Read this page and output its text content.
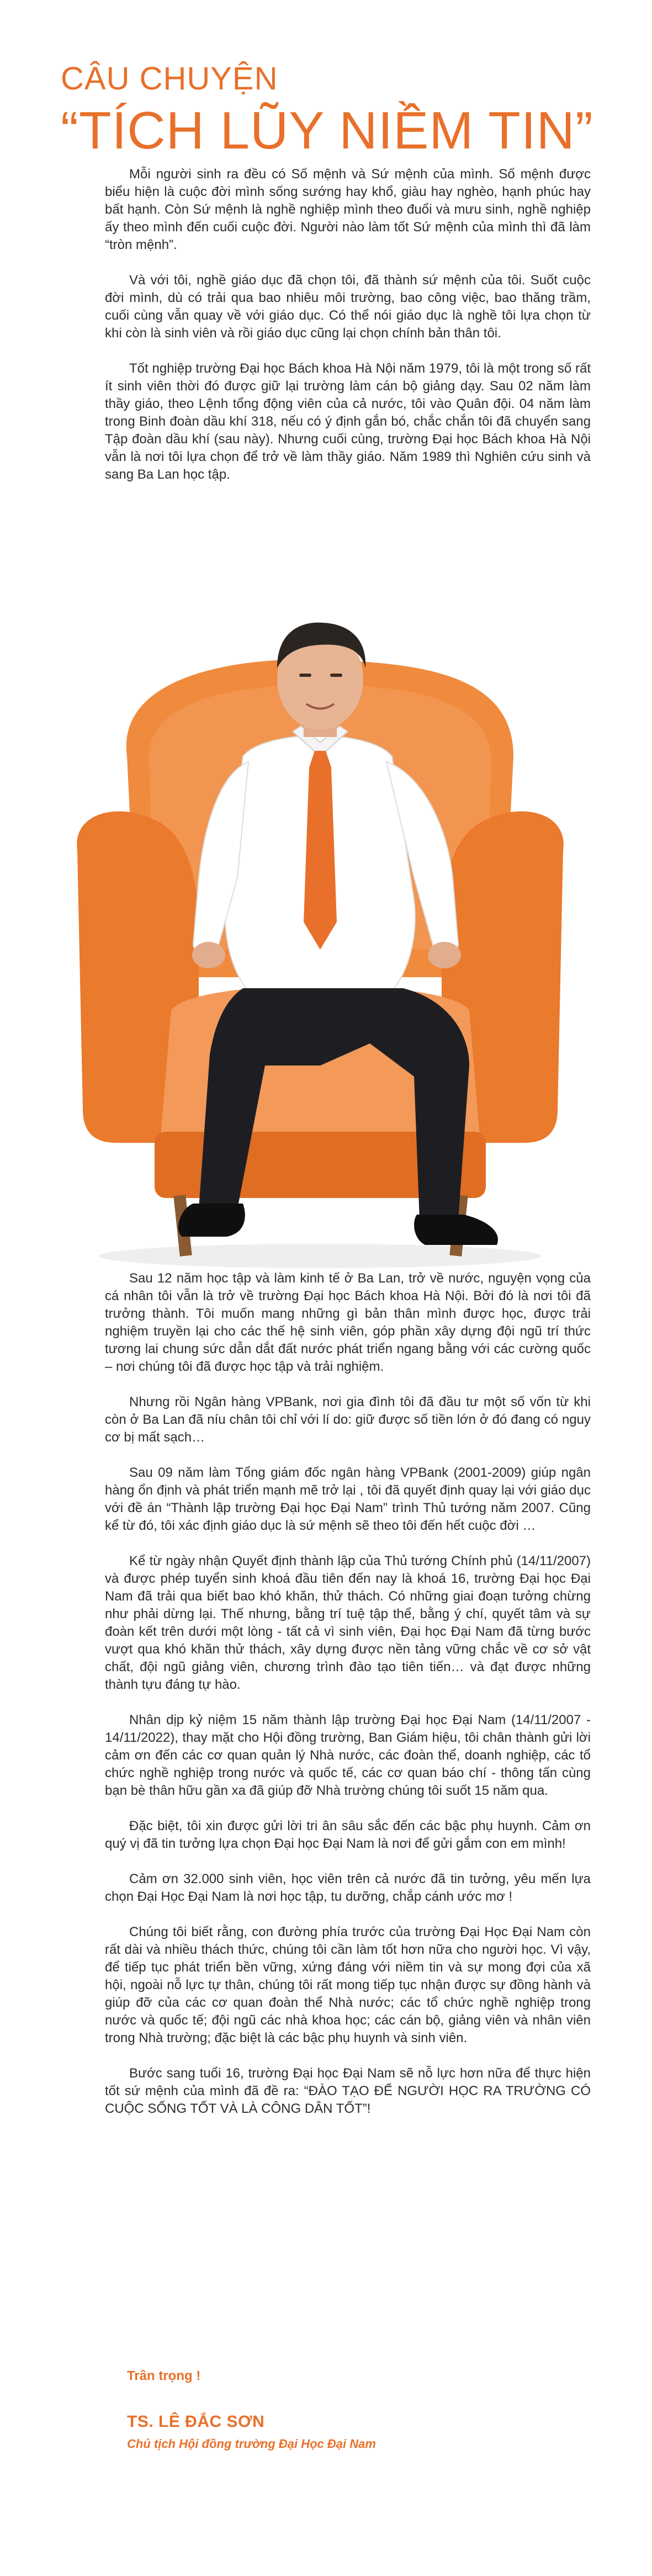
CÂU CHUYỆN

“TÍCH LŨY NIỀM TIN”

Mỗi người sinh ra đều có Số mệnh và Sứ mệnh của mình. Số mệnh được biểu hiện là cuộc đời mình sống sướng hay khổ, giàu hay nghèo, hạnh phúc hay bất hạnh. Còn Sứ mệnh là nghề nghiệp mình theo đuổi và mưu sinh, nghề nghiệp ấy theo mình đến cuối cuộc đời. Người nào làm tốt Sứ mệnh của mình thì đã làm “tròn mệnh”.

Và với tôi, nghề giáo dục đã chọn tôi, đã thành sứ mệnh của tôi. Suốt cuộc đời mình, dù có trải qua bao nhiêu môi trường, bao công việc, bao thăng trầm, cuối cùng vẫn quay về với giáo dục. Có thể nói giáo dục là nghề tôi lựa chọn từ khi còn là sinh viên và rồi giáo dục cũng lại chọn chính bản thân tôi.

Tốt nghiệp trường Đại học Bách khoa Hà Nội năm 1979, tôi là một trong số rất ít sinh viên thời đó được giữ lại trường làm cán bộ giảng dạy. Sau 02 năm làm thầy giáo, theo Lệnh tổng động viên của cả nước, tôi vào Quân đội. 04 năm làm trong Binh đoàn dầu khí 318, nếu có ý định gắn bó, chắc chắn tôi đã chuyển sang Tập đoàn dầu khí (sau này). Nhưng cuối cùng, trường Đại học Bách khoa Hà Nội vẫn là nơi tôi lựa chọn để trở về làm thầy giáo. Năm 1989 thì Nghiên cứu sinh và sang Ba Lan học tập.

Sau 12 năm học tập và làm kinh tế ở Ba Lan, trở về nước, nguyện vọng của cá nhân tôi vẫn là trở về trường Đại học Bách khoa Hà Nội. Bởi đó là nơi tôi đã trưởng thành. Tôi muốn mang những gì bản thân mình được học, được trải nghiệm truyền lại cho các thế hệ sinh viên, góp phần xây dựng đội ngũ trí thức tương lai chung sức dẫn dắt đất nước phát triển ngang bằng với các cường quốc – nơi chúng tôi đã được học tập và trải nghiệm.

Nhưng rồi Ngân hàng VPBank, nơi gia đình tôi đã đầu tư một số vốn từ khi còn ở Ba Lan đã níu chân tôi chỉ với lí do: giữ được số tiền lớn ở đó đang có nguy cơ bị mất sạch…

Sau 09 năm làm Tổng giám đốc ngân hàng VPBank (2001-2009) giúp ngân hàng ổn định và phát triển mạnh mẽ trở lại , tôi đã quyết định quay lại với giáo dục với đề án “Thành lập trường Đại học Đại Nam” trình Thủ tướng năm 2007. Cũng kể từ đó, tôi xác định giáo dục là sứ mệnh sẽ theo tôi đến hết cuộc đời …

Kể từ ngày nhận Quyết định thành lập của Thủ tướng Chính phủ (14/11/2007) và được phép tuyển sinh khoá đầu tiên đến nay là khoá 16, trường Đại học Đại Nam đã trải qua biết bao khó khăn, thử thách. Có những giai đoạn tưởng chừng như phải dừng lại. Thế nhưng, bằng trí tuệ tập thể, bằng ý chí, quyết tâm và sự đoàn kết trên dưới một lòng - tất cả vì sinh viên, Đại học Đại Nam đã từng bước vượt qua khó khăn thử thách, xây dựng được nền tảng vững chắc về cơ sở vật chất, đội ngũ giảng viên, chương trình đào tạo tiên tiến… và đạt được những thành tựu đáng tự hào.

Nhân dịp kỷ niệm 15 năm thành lập trường Đại học Đại Nam (14/11/2007 - 14/11/2022), thay mặt cho Hội đồng trường, Ban Giám hiệu, tôi chân thành gửi lời cảm ơn đến các cơ quan quản lý Nhà nước, các đoàn thể, doanh nghiệp, các tổ chức nghề nghiệp trong nước và quốc tế, các cơ quan báo chí - thông tấn cùng bạn bè thân hữu gần xa đã giúp đỡ Nhà trường chúng tôi suốt 15 năm qua.

Đặc biệt, tôi xin được gửi lời tri ân sâu sắc đến các bậc phụ huynh. Cảm ơn quý vị đã tin tưởng lựa chọn Đại học Đại Nam là nơi để gửi gắm con em mình!

Cảm ơn 32.000 sinh viên, học viên trên cả nước đã tin tưởng, yêu mến lựa chọn Đại Học Đại Nam là nơi học tập, tu dưỡng, chắp cánh ước mơ !

Chúng tôi biết rằng, con đường phía trước của trường Đại Học Đại Nam còn rất dài và nhiều thách thức, chúng tôi cần làm tốt hơn nữa cho người học. Vì vậy, để tiếp tục phát triển bền vững, xứng đáng với niềm tin và sự mong đợi của xã hội, ngoài nỗ lực tự thân, chúng tôi rất mong tiếp tục nhận được sự đồng hành và giúp đỡ của các cơ quan đoàn thể Nhà nước; các tổ chức nghề nghiệp trong nước và quốc tế; đội ngũ các nhà khoa học; các cán bộ, giảng viên và nhân viên trong Nhà trường; đặc biệt là các bậc phụ huynh và sinh viên.

Bước sang tuổi 16, trường Đại học Đại Nam sẽ nỗ lực hơn nữa để thực hiện tốt sứ mệnh của mình đã đề ra: “ĐÀO TẠO ĐỂ NGƯỜI HỌC RA TRƯỜNG CÓ CUỘC SỐNG TỐT VÀ LÀ CÔNG DÂN TỐT”!

Trân trọng !

TS. LÊ ĐẮC SƠN

Chủ tịch Hội đồng trường Đại Học Đại Nam
